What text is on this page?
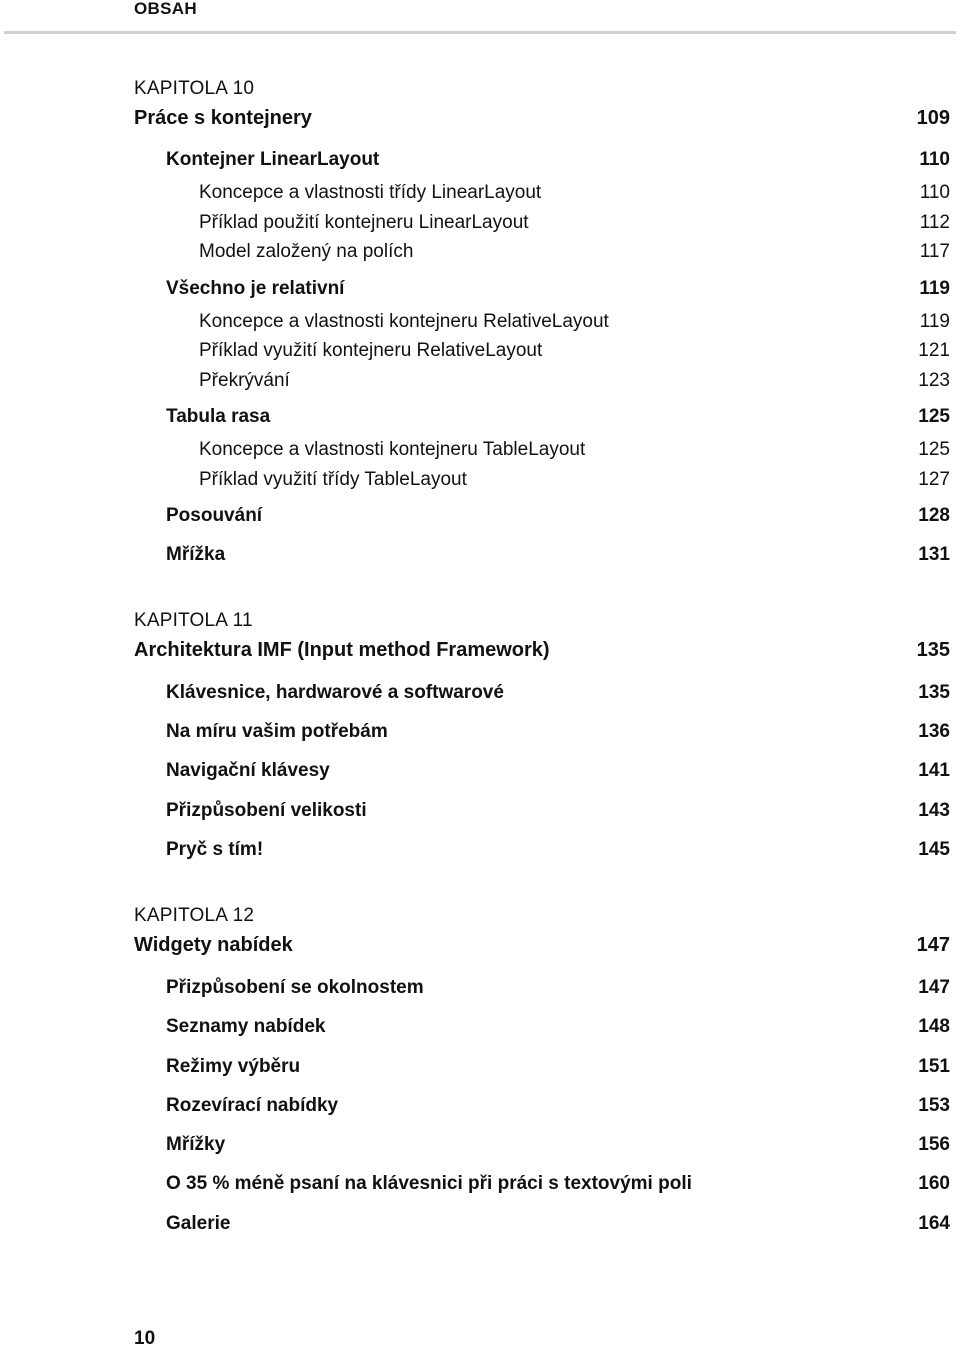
OBSAH
KAPITOLA 10
Práce s kontejnery	109
Kontejner LinearLayout	110
Koncepce a vlastnosti třídy LinearLayout	110
Příklad použití kontejneru LinearLayout	112
Model založený na polích	117
Všechno je relativní	119
Koncepce a vlastnosti kontejneru RelativeLayout	119
Příklad využití kontejneru RelativeLayout	121
Překrývání	123
Tabula rasa	125
Koncepce a vlastnosti kontejneru TableLayout	125
Příklad využití třídy TableLayout	127
Posouvání	128
Mřížka	131
KAPITOLA 11
Architektura IMF (Input method Framework)	135
Klávesnice, hardwarové a softwarové	135
Na míru vašim potřebám	136
Navigační klávesy	141
Přizpůsobení velikosti	143
Pryč s tím!	145
KAPITOLA 12
Widgety nabídek	147
Přizpůsobení se okolnostem	147
Seznamy nabídek	148
Režimy výběru	151
Rozevírací nabídky	153
Mřížky	156
O 35 % méně psaní na klávesnici při práci s textovými poli	160
Galerie	164
10
